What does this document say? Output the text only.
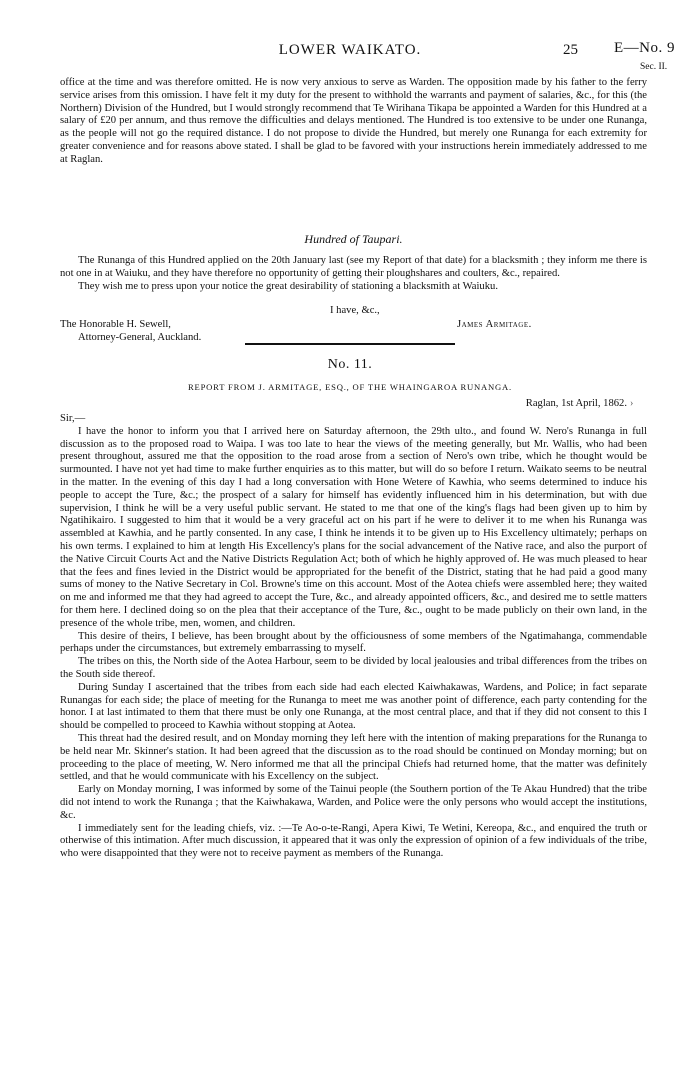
LOWER WAIKATO.	25 E—No. 9
Sec. II.

office at the time and was therefore omitted. He is now very anxious to serve as Warden. The opposition made by his father to the ferry service arises from this omission. I have felt it my duty for the present to withhold the warrants and payment of salaries, &c., for this (the Northern) Division of the Hundred, but I would strongly recommend that Te Wirihana Tikapa be appointed a Warden for this Hundred at a salary of £20 per annum, and thus remove the difficulties and delays mentioned. The Hundred is too extensive to be under one Runanga, as the people will not go the required distance. I do not propose to divide the Hundred, but merely one Runanga for each extremity for greater convenience and for reasons above stated. I shall be glad to be favored with your instructions herein immediately addressed to me at Raglan.

Hundred of Taupari.

The Runanga of this Hundred applied on the 20th January last (see my Report of that date) for a blacksmith ; they inform me there is not one in at Waiuku, and they have therefore no opportunity of getting their ploughshares and coulters, &c., repaired.

They wish me to press upon your notice the great desirability of stationing a blacksmith at Waiuku.

I have, &c.,
The Honorable H. Sewell,	James Armitage.
Attorney-General, Auckland.
No. 11.
REPORT FROM J. ARMITAGE, ESQ., OF THE WHAINGAROA RUNANGA.
Raglan, 1st April, 1862. ›

Sir,—

I have the honor to inform you that I arrived here on Saturday afternoon, the 29th ulto., and found W. Nero's Runanga in full discussion as to the proposed road to Waipa. I was too late to hear the views of the meeting generally, but Mr. Wallis, who had been present throughout, assured me that the opposition to the road arose from a section of Nero's own tribe, which he thought would be surmounted. I have not yet had time to make further enquiries as to this matter, but will do so before I return. Waikato seems to be neutral in the matter. In the evening of this day I had a long conversation with Hone Wetere of Kawhia, who seems determined to induce his people to accept the Ture, &c.; the prospect of a salary for himself has evidently influenced him in his determination, but with due supervision, I think he will be a very useful public servant. He stated to me that one of the king's flags had been given up to him by Ngatihikairo. I suggested to him that it would be a very graceful act on his part if he were to deliver it to me when his Runanga was assembled at Kawhia, and he partly consented. In any case, I think he intends it to be given up to His Excellency ultimately; perhaps on his own terms. I explained to him at length His Excellency's plans for the social advancement of the Native race, and also the purport of the Native Circuit Courts Act and the Native Districts Regulation Act; both of which he highly approved of. He was much pleased to hear that the fees and fines levied in the District would be appropriated for the benefit of the District, stating that he had paid a good many sums of money to the Native Secretary in Col. Browne's time on this account. Most of the Aotea chiefs were assembled here; they waited on me and informed me that they had agreed to accept the Ture, &c., and already appointed officers, &c., and desired me to settle matters for them here. I declined doing so on the plea that their acceptance of the Ture, &c., ought to be made publicly on their own land, in the presence of the whole tribe, men, women, and children.

This desire of theirs, I believe, has been brought about by the officiousness of some members of the Ngatimahanga, commendable perhaps under the circumstances, but extremely embarrassing to myself.

The tribes on this, the North side of the Aotea Harbour, seem to be divided by local jealousies and tribal differences from the tribes on the South side thereof.

During Sunday I ascertained that the tribes from each side had each elected Kaiwhakawas, Wardens, and Police; in fact separate Runangas for each side; the place of meeting for the Runanga to meet me was another point of difference, each party contending for the honor. I at last intimated to them that there must be only one Runanga, at the most central place, and that if they did not consent to this I should be compelled to proceed to Kawhia without stopping at Aotea.

This threat had the desired result, and on Monday morning they left here with the intention of making preparations for the Runanga to be held near Mr. Skinner's station. It had been agreed that the discussion as to the road should be continued on Monday morning; but on proceeding to the place of meeting, W. Nero informed me that all the principal Chiefs had returned home, that the matter was definitely settled, and that he would communicate with his Excellency on the subject.

Early on Monday morning, I was informed by some of the Tainui people (the Southern portion of the Te Akau Hundred) that the tribe did not intend to work the Runanga ; that the Kaiwhakawa, Warden, and Police were the only persons who would accept the institutions, &c.

I immediately sent for the leading chiefs, viz. :—Te Ao-o-te-Rangi, Apera Kiwi, Te Wetini, Kereopa, &c., and enquired the truth or otherwise of this intimation. After much discussion, it appeared that it was only the expression of opinion of a few individuals of the tribe, who were disappointed that they were not to receive payment as members of the Runanga.
